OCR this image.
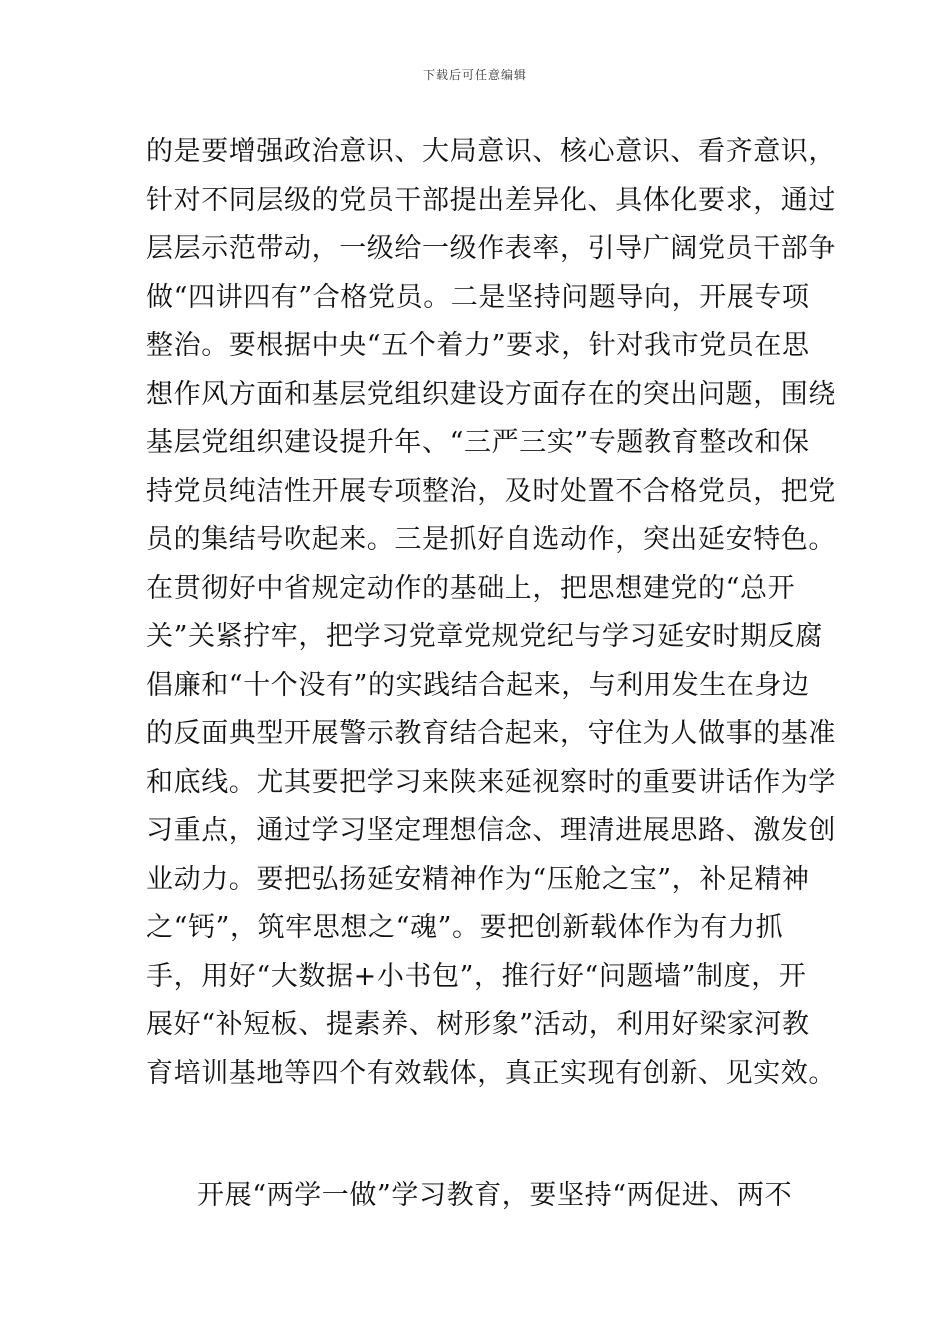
下载后可任意编辑
的是要增强政治意识、大局意识、核心意识、看齐意识，
针对不同层级的党员干部提出差异化、具体化要求，通过
层层示范带动，一级给一级作表率，引导广阔党员干部争
做“四讲四有”合格党员。二是坚持问题导向，开展专项
整治。要根据中央“五个着力”要求，针对我市党员在思
想作风方面和基层党组织建设方面存在的突出问题，围绕
基层党组织建设提升年、“三严三实”专题教育整改和保
持党员纯洁性开展专项整治，及时处置不合格党员，把党
员的集结号吹起来。三是抓好自选动作，突出延安特色。
在贯彻好中省规定动作的基础上，把思想建党的“总开
关”关紧拧牢，把学习党章党规党纪与学习延安时期反腐
倡廉和“十个没有”的实践结合起来，与利用发生在身边
的反面典型开展警示教育结合起来，守住为人做事的基准
和底线。尤其要把学习来陕来延视察时的重要讲话作为学
习重点，通过学习坚定理想信念、理清进展思路、激发创
业动力。要把弘扬延安精神作为“压舱之宝”，补足精神
之“钙”，筑牢思想之“魂”。要把创新载体作为有力抓
手，用好“大数据+小书包”，推行好“问题墙”制度，开
展好“补短板、提素养、树形象”活动，利用好梁家河教
育培训基地等四个有效载体，真正实现有创新、见实效。
开展“两学一做”学习教育，要坚持“两促进、两不
